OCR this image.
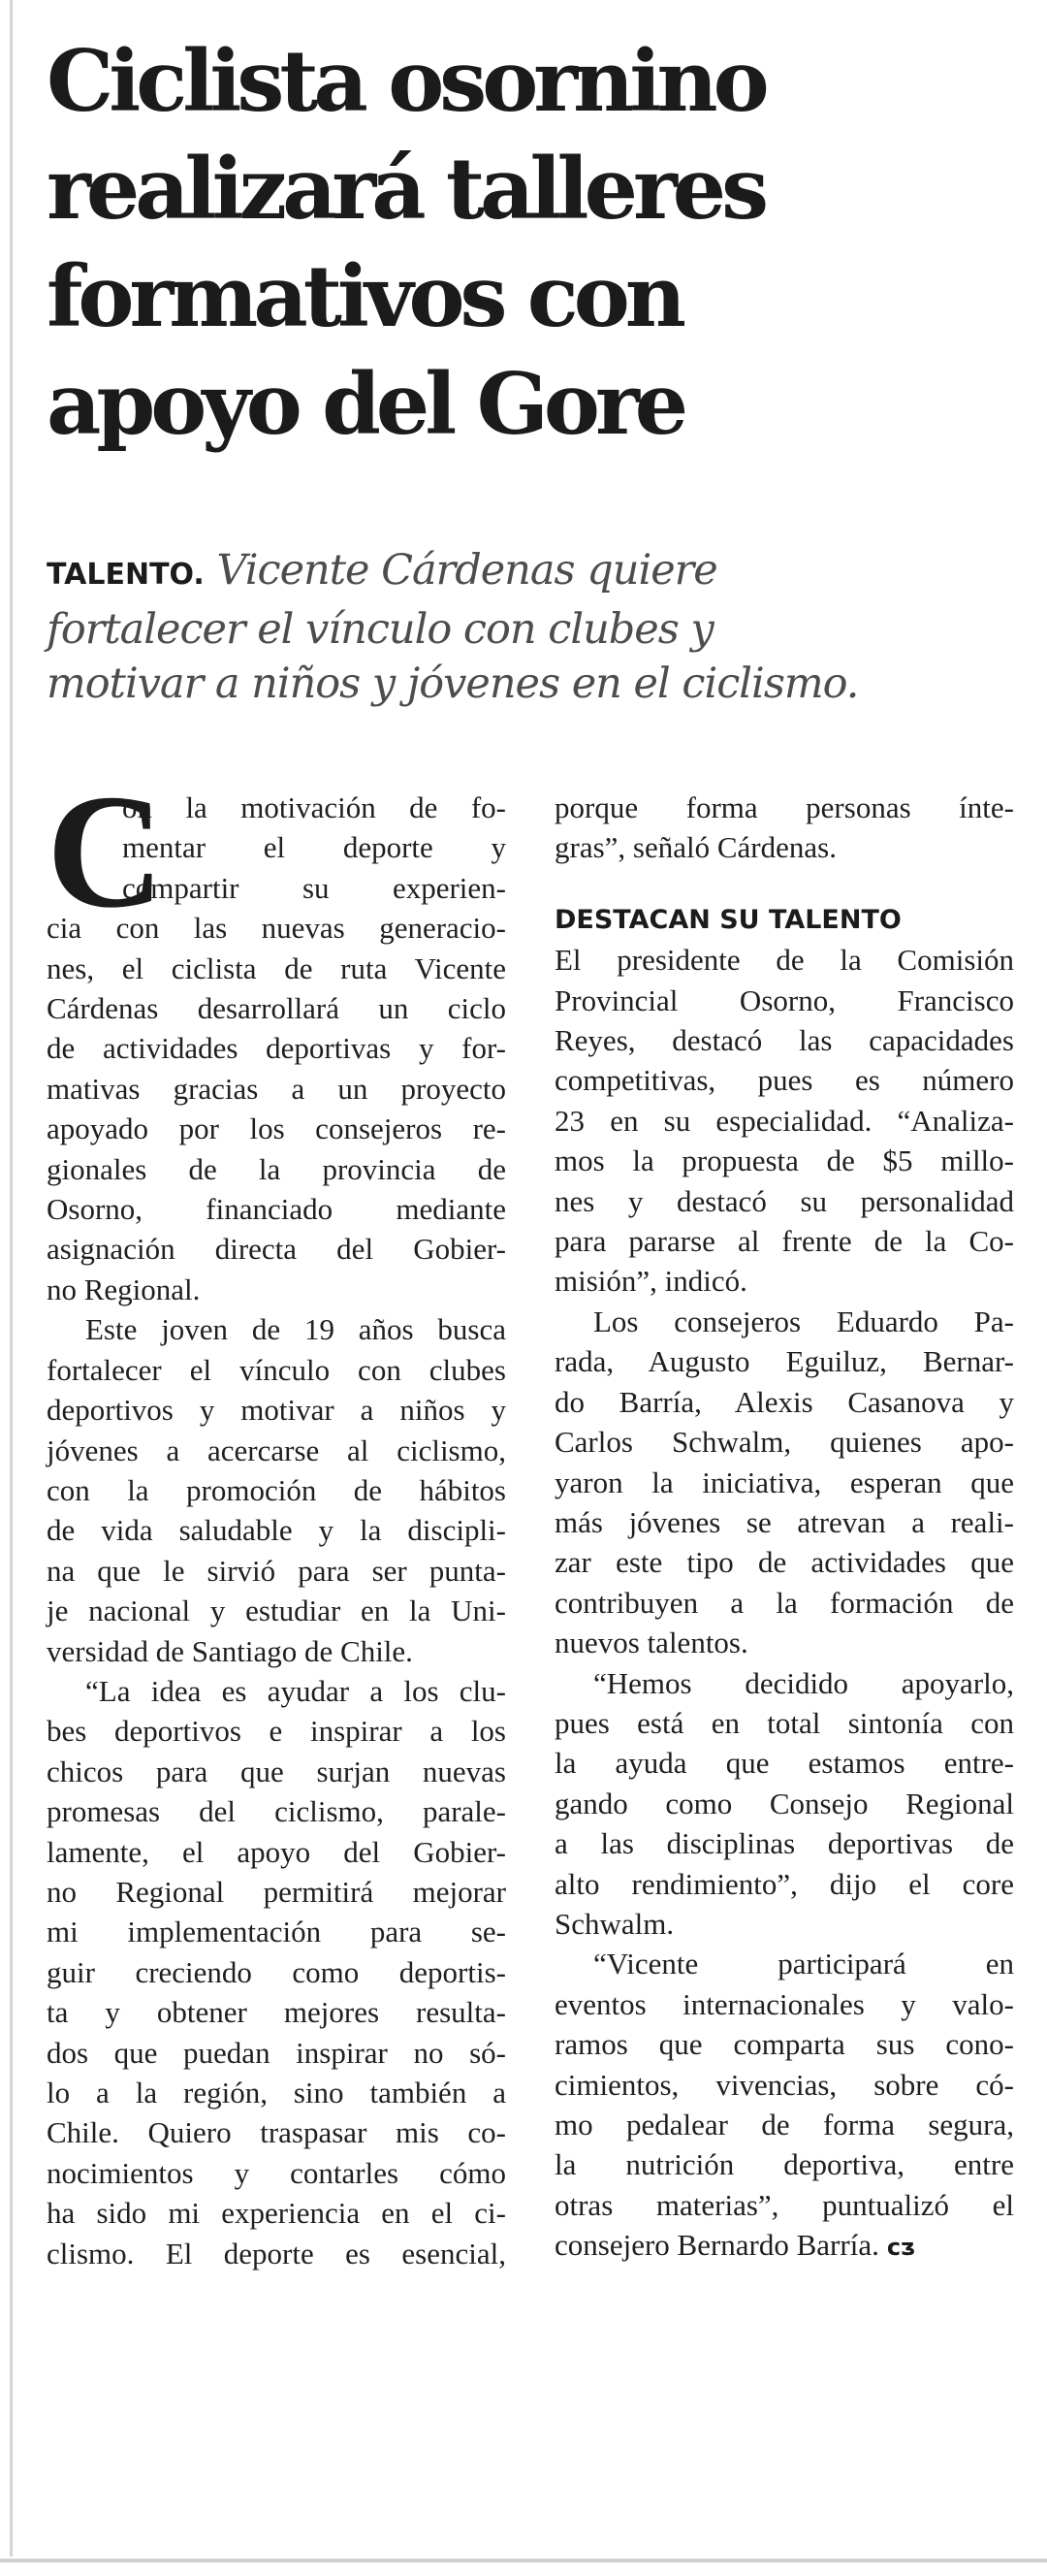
Ciclista osornino
realizará talleres
formativos con
apoyo del Gore

TALENTO. Vicente Cárdenas quiere
fortalecer el vínculo con clubes y
motivar a niños y jóvenes en el ciclismo.

C
on la motivación de fo-
mentar el deporte y
compartir su experien-
cia con las nuevas generacio-
nes, el ciclista de ruta Vicente
Cárdenas desarrollará un ciclo
de actividades deportivas y for-
mativas gracias a un proyecto
apoyado por los consejeros re-
gionales de la provincia de
Osorno, financiado mediante
asignación directa del Gobier-
no Regional.
Este joven de 19 años busca
fortalecer el vínculo con clubes
deportivos y motivar a niños y
jóvenes a acercarse al ciclismo,
con la promoción de hábitos
de vida saludable y la discipli-
na que le sirvió para ser punta-
je nacional y estudiar en la Uni-
versidad de Santiago de Chile.
“La idea es ayudar a los clu-
bes deportivos e inspirar a los
chicos para que surjan nuevas
promesas del ciclismo, parale-
lamente, el apoyo del Gobier-
no Regional permitirá mejorar
mi implementación para se-
guir creciendo como deportis-
ta y obtener mejores resulta-
dos que puedan inspirar no só-
lo a la región, sino también a
Chile. Quiero traspasar mis co-
nocimientos y contarles cómo
ha sido mi experiencia en el ci-
clismo. El deporte es esencial,
porque forma personas ínte-
gras”, señaló Cárdenas.
DESTACAN SU TALENTO
El presidente de la Comisión
Provincial Osorno, Francisco
Reyes, destacó las capacidades
competitivas, pues es número
23 en su especialidad. “Analiza-
mos la propuesta de $5 millo-
nes y destacó su personalidad
para pararse al frente de la Co-
misión”, indicó.
Los consejeros Eduardo Pa-
rada, Augusto Eguiluz, Bernar-
do Barría, Alexis Casanova y
Carlos Schwalm, quienes apo-
yaron la iniciativa, esperan que
más jóvenes se atrevan a reali-
zar este tipo de actividades que
contribuyen a la formación de
nuevos talentos.
“Hemos decidido apoyarlo,
pues está en total sintonía con
la ayuda que estamos entre-
gando como Consejo Regional
a las disciplinas deportivas de
alto rendimiento”, dijo el core
Schwalm.
“Vicente participará en
eventos internacionales y valo-
ramos que comparta sus cono-
cimientos, vivencias, sobre có-
mo pedalear de forma segura,
la nutrición deportiva, entre
otras materias”, puntualizó el
consejero Bernardo Barría. ᴄᴣ
